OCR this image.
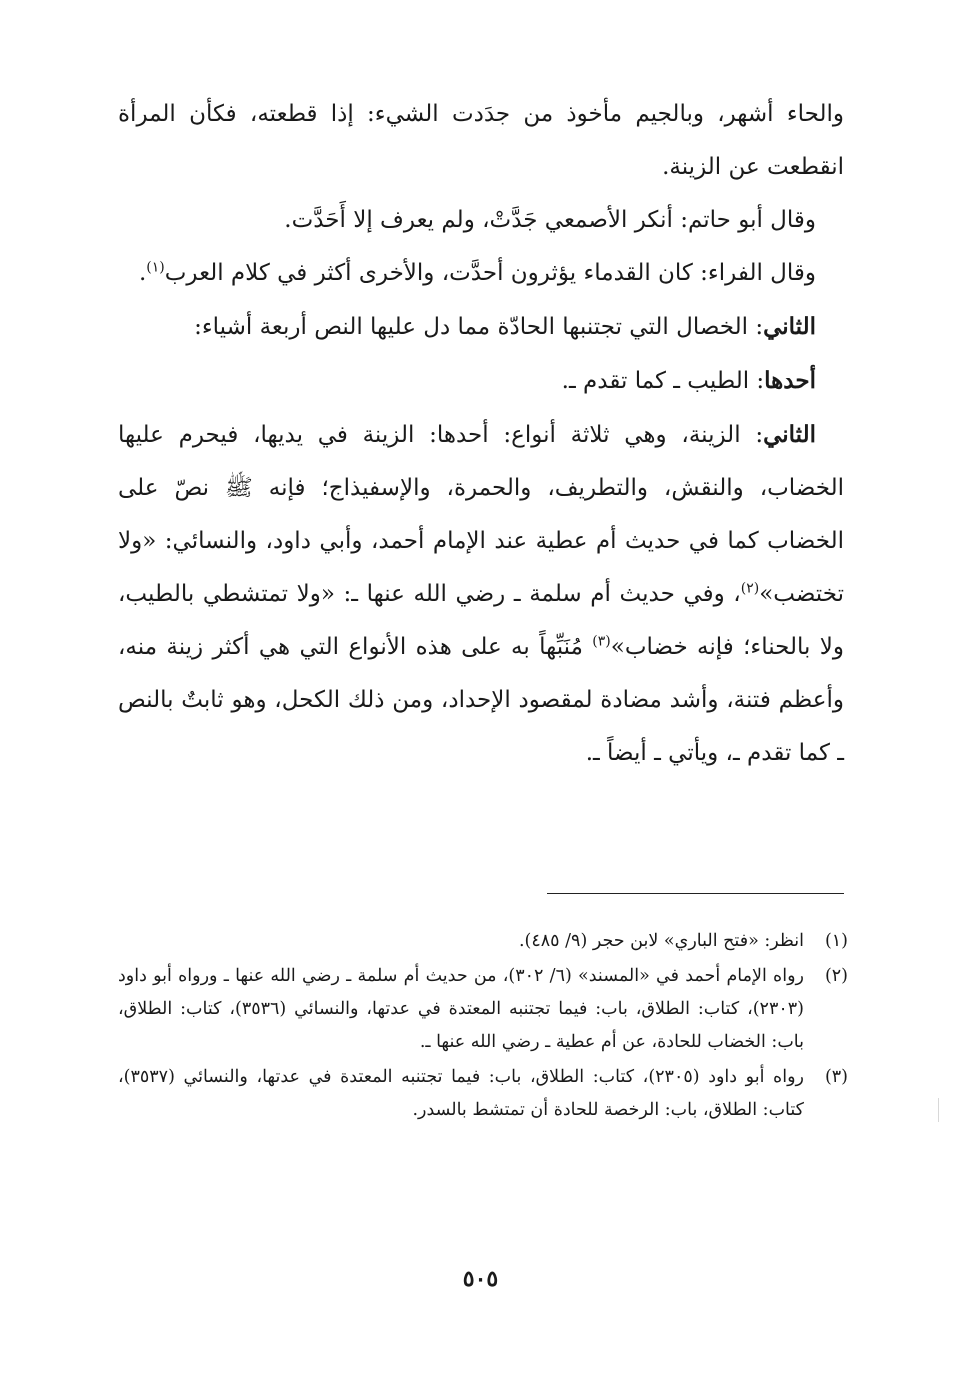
والحاء أشهر، وبالجيم مأخوذ من جدَدت الشيء: إذا قطعته، فكأن المرأة انقطعت عن الزينة.

وقال أبو حاتم: أنكر الأصمعي جَدَّتْ، ولم يعرف إلا أَحَدَّت.

وقال الفراء: كان القدماء يؤثرون أحدَّت، والأخرى أكثر في كلام العرب$^{(١)}$.

الثاني: الخصال التي تجتنبها الحادّة مما دل عليها النص أربعة أشياء:

أحدها: الطيب ـ كما تقدم ـ.

الثاني: الزينة، وهي ثلاثة أنواع: أحدها: الزينة في يديها، فيحرم عليها الخضاب، والنقش، والتطريف، والحمرة، والإسفيذاج؛ فإنه ﷺ نصّ على الخضاب كما في حديث أم عطية عند الإمام أحمد، وأبي داود، والنسائي: «ولا تختضب»$^{(٢)}$، وفي حديث أم سلمة ـ رضي الله عنها ـ: «ولا تمتشطي بالطيب، ولا بالحناء؛ فإنه خضاب»$^{(٣)}$ مُنَبِّهاً به على هذه الأنواع التي هي أكثر زينة منه، وأعظم فتنة، وأشد مضادة لمقصود الإحداد، ومن ذلك الكحل، وهو ثابتٌ بالنص ـ كما تقدم ـ، ويأتي ـ أيضاً ـ.

(١)
انظر: «فتح الباري» لابن حجر (٩/ ٤٨٥).
(٢)
رواه الإمام أحمد في «المسند» (٦/ ٣٠٢)، من حديث أم سلمة ـ رضي الله عنها ـ ورواه أبو داود (٢٣٠٣)، كتاب: الطلاق، باب: فيما تجتنبه المعتدة في عدتها، والنسائي (٣٥٣٦)، كتاب: الطلاق، باب: الخضاب للحادة، عن أم عطية ـ رضي الله عنها ـ.
(٣)
رواه أبو داود (٢٣٠٥)، كتاب: الطلاق، باب: فيما تجتنبه المعتدة في عدتها، والنسائي (٣٥٣٧)، كتاب: الطلاق، باب: الرخصة للحادة أن تمتشط بالسدر.
٥٠٥
